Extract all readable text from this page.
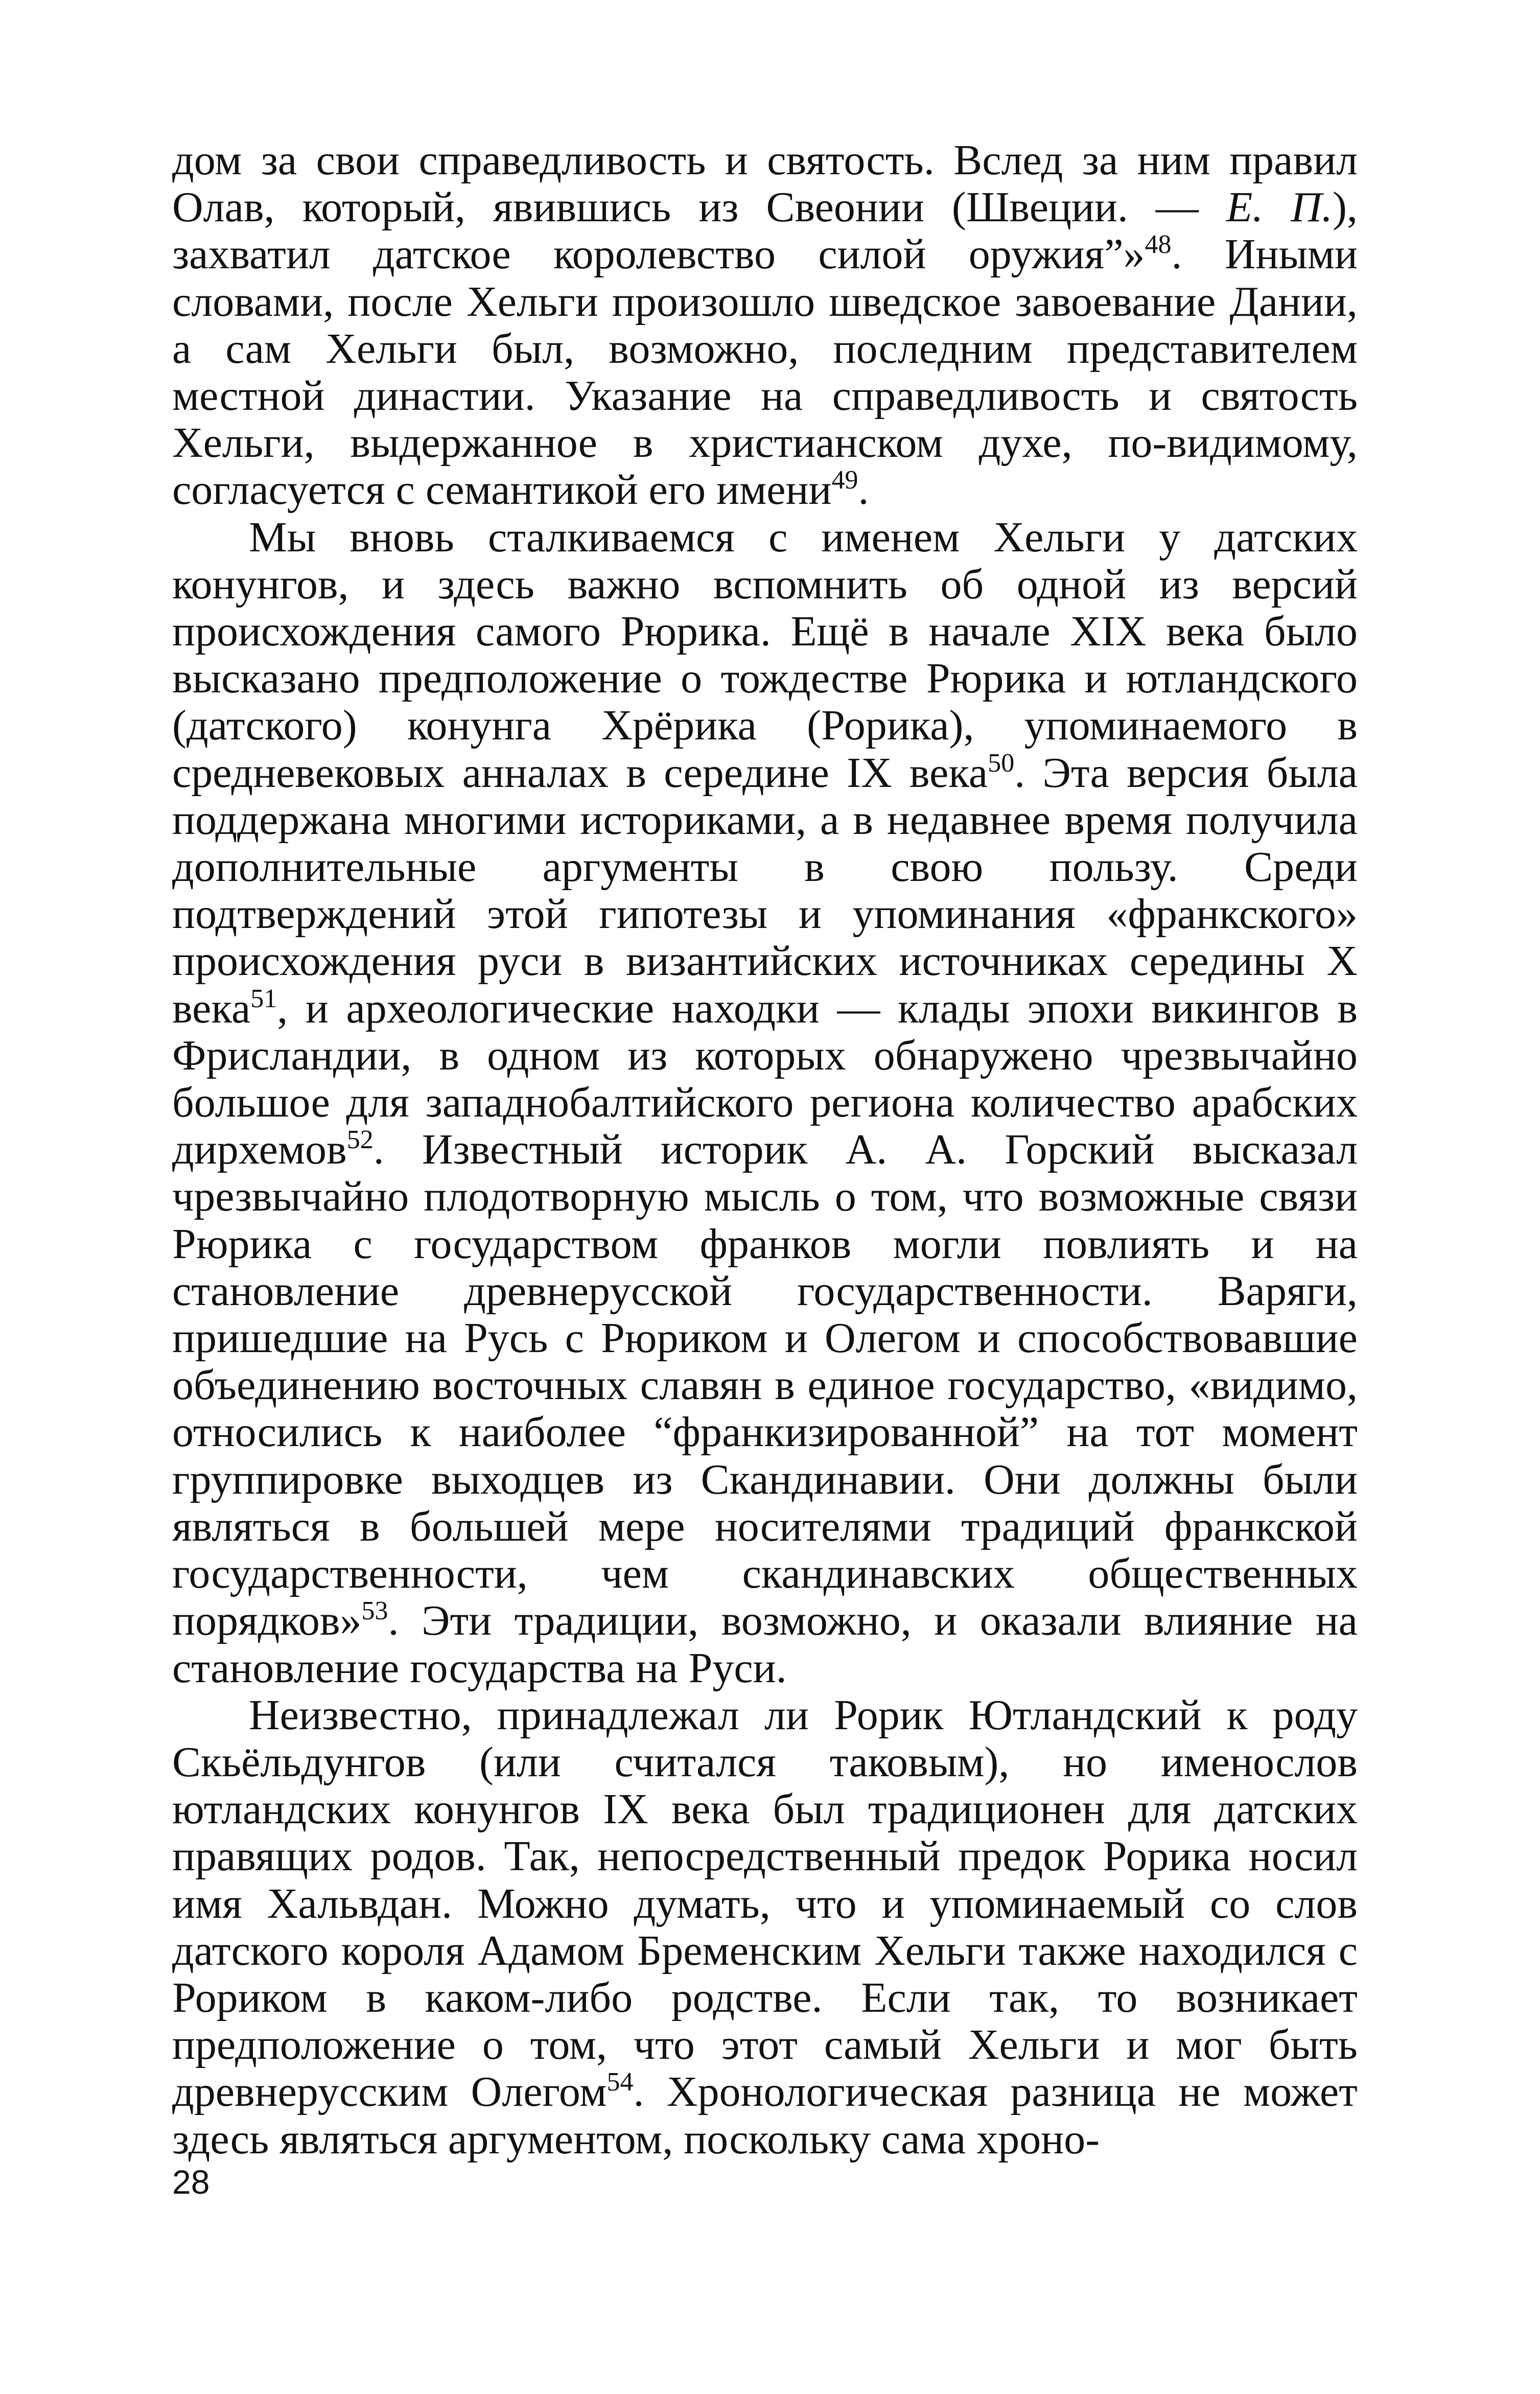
дом за свои справедливость и святость. Вслед за ним правил Олав, который, явившись из Свеонии (Швеции. — Е. П.), захватил датское королевство силой оружия”»$^{48}$. Иными словами, после Хельги произошло шведское завоевание Дании, а сам Хельги был, возможно, последним представителем местной династии. Указание на справедливость и святость Хельги, выдержанное в христианском духе, по-видимому, согласуется с семантикой его имени$^{49}$.

Мы вновь сталкиваемся с именем Хельги у датских конунгов, и здесь важно вспомнить об одной из версий происхождения самого Рюрика. Ещё в начале XIX века было высказано предположение о тождестве Рюрика и ютландского (датского) конунга Хрёрика (Рорика), упоминаемого в средневековых анналах в середине IX века$^{50}$. Эта версия была поддержана многими историками, а в недавнее время получила дополнительные аргументы в свою пользу. Среди подтверждений этой гипотезы и упоминания «франкского» происхождения руси в византийских источниках середины X века$^{51}$, и археологические находки — клады эпохи викингов в Фрисландии, в одном из которых обнаружено чрезвычайно большое для западнобалтийского региона количество арабских дирхемов$^{52}$. Известный историк А. А. Горский высказал чрезвычайно плодотворную мысль о том, что возможные связи Рюрика с государством франков могли повлиять и на становление древнерусской государственности. Варяги, пришедшие на Русь с Рюриком и Олегом и способствовавшие объединению восточных славян в единое государство, «видимо, относились к наиболее “франкизированной” на тот момент группировке выходцев из Скандинавии. Они должны были являться в большей мере носителями традиций франкской государственности, чем скандинавских общественных порядков»$^{53}$. Эти традиции, возможно, и оказали влияние на становление государства на Руси.

Неизвестно, принадлежал ли Рорик Ютландский к роду Скьёльдунгов (или считался таковым), но именослов ютландских конунгов IX века был традиционен для датских правящих родов. Так, непосредственный предок Рорика носил имя Хальвдан. Можно думать, что и упоминаемый со слов датского короля Адамом Бременским Хельги также находился с Рориком в каком-либо родстве. Если так, то возникает предположение о том, что этот самый Хельги и мог быть древнерусским Олегом$^{54}$. Хронологическая разница не может здесь являться аргументом, поскольку сама хроно-

28
